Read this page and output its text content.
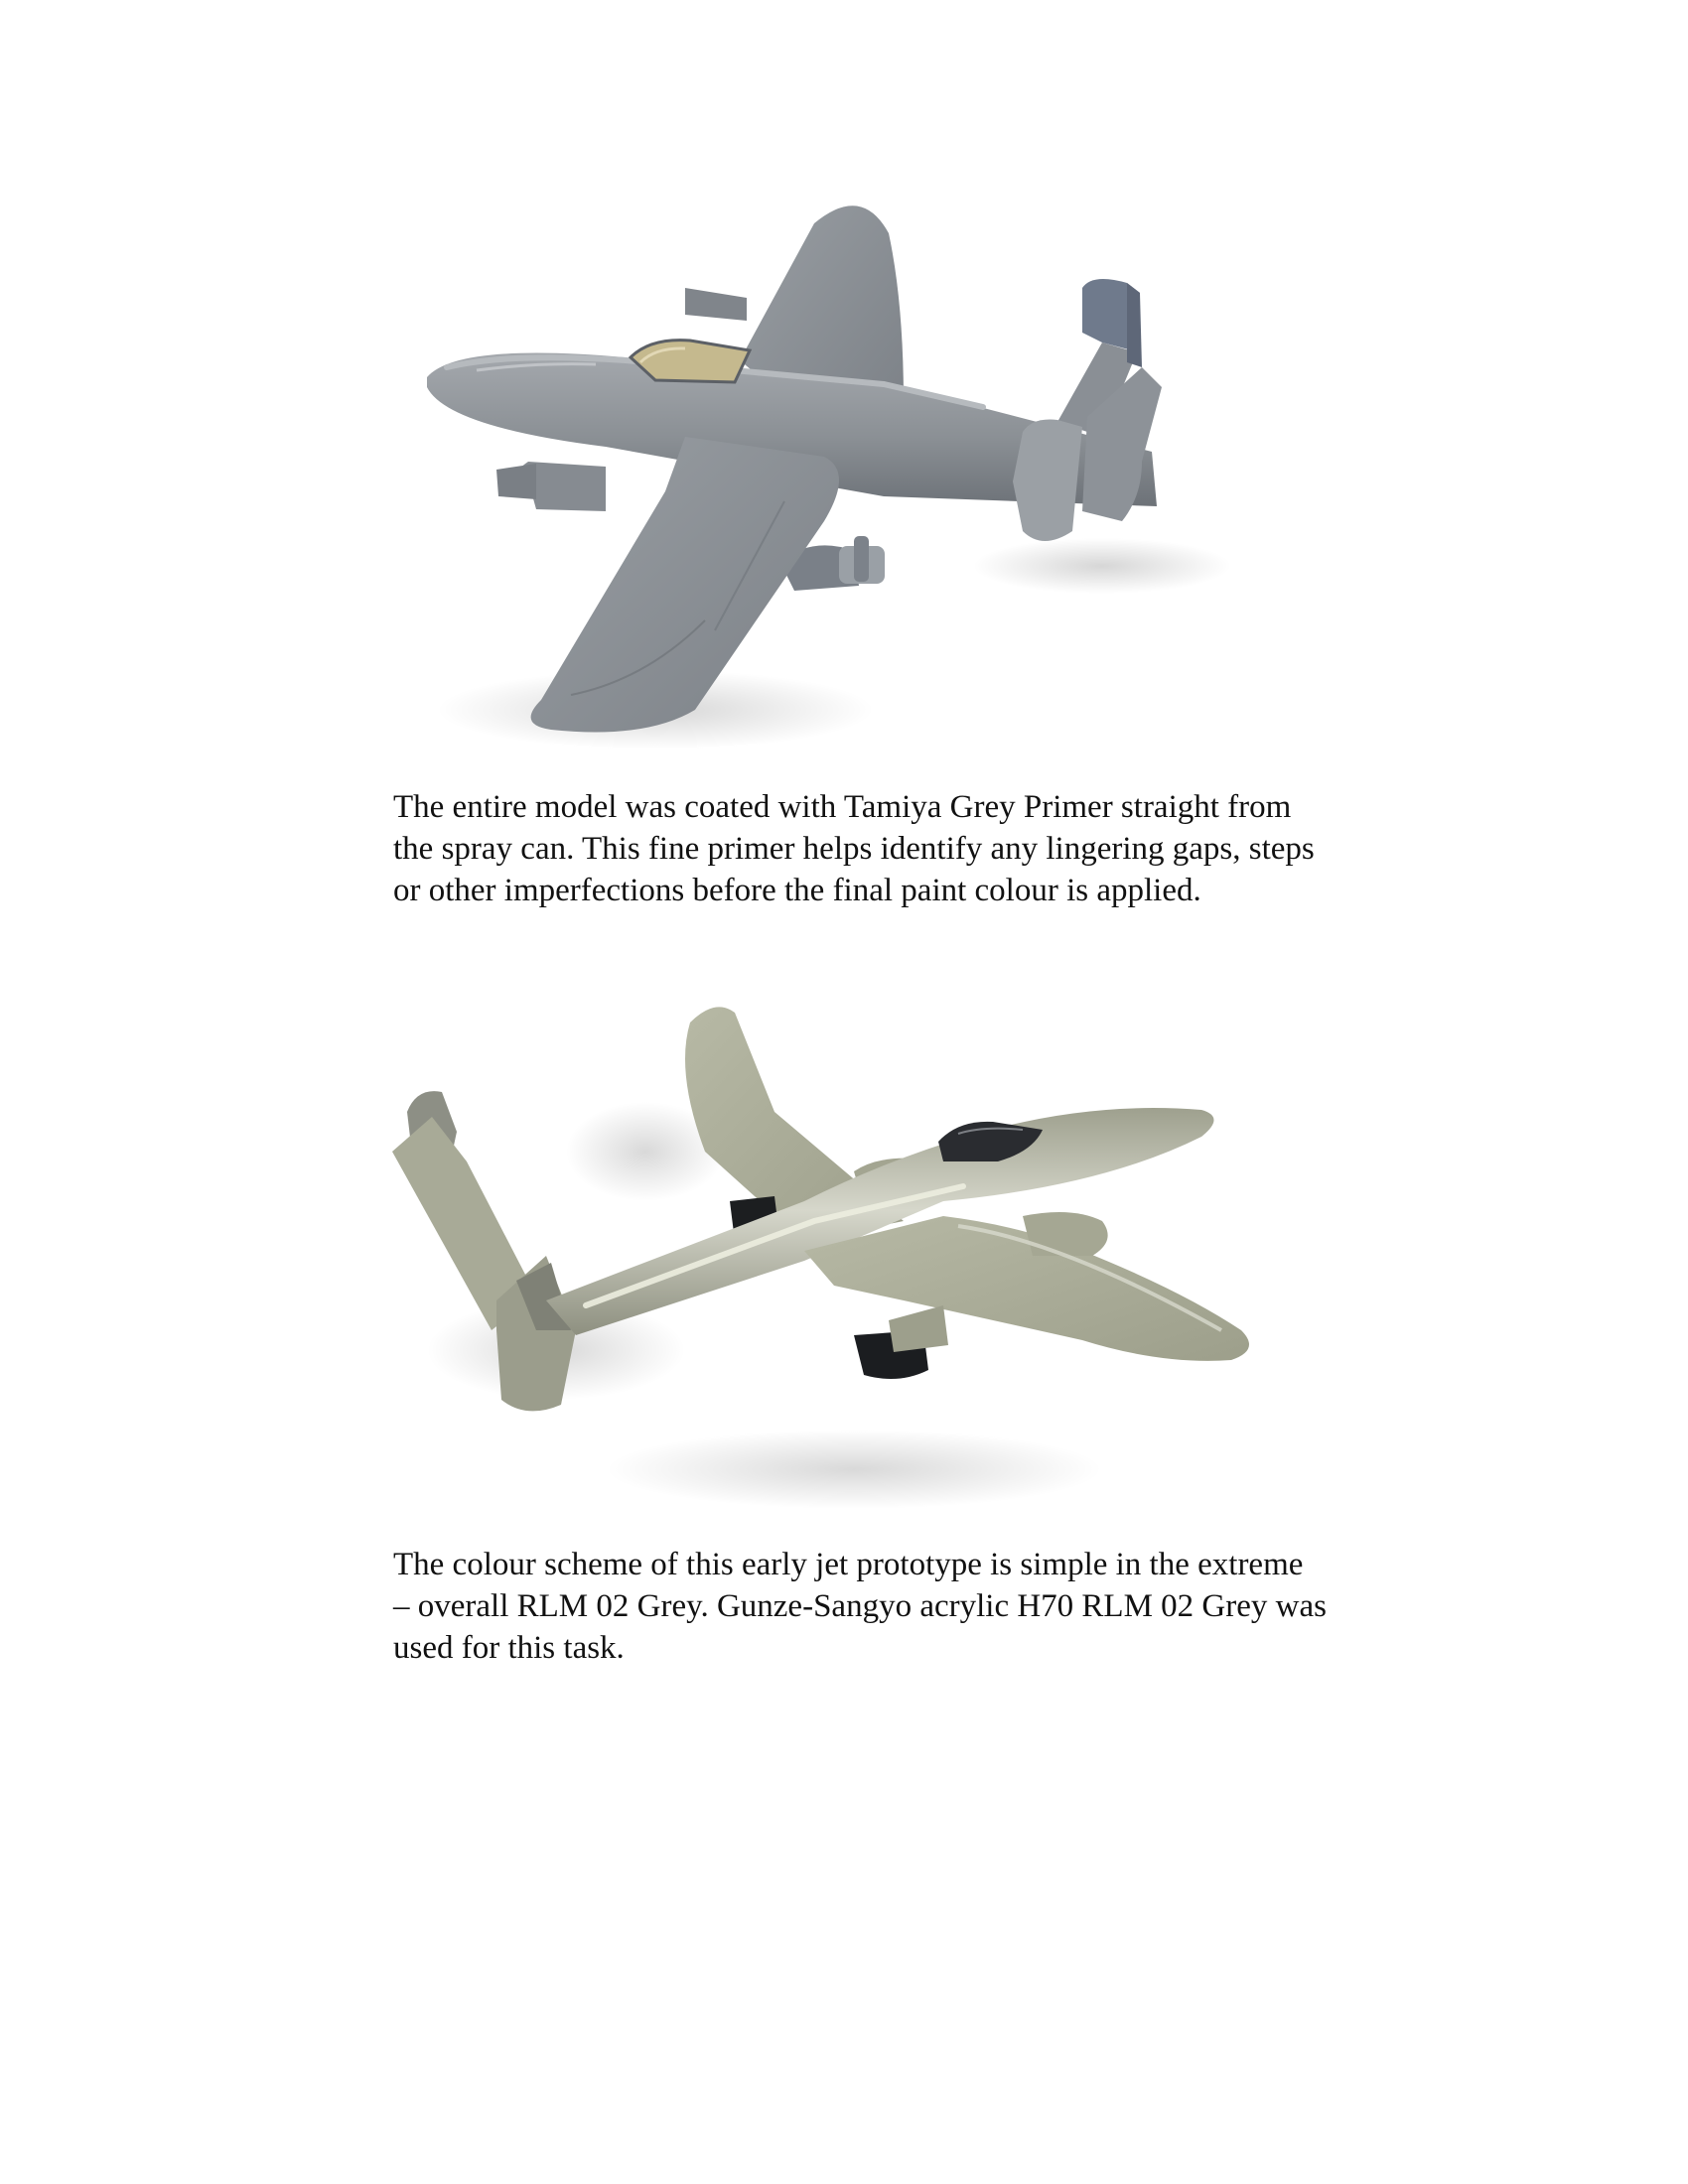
The entire model was coated with Tamiya Grey Primer straight from the spray can. This fine primer helps identify any lingering gaps, steps or other imperfections before the final paint colour is applied.

The colour scheme of this early jet prototype is simple in the extreme – overall RLM 02 Grey. Gunze-Sangyo acrylic H70 RLM 02 Grey was used for this task.
